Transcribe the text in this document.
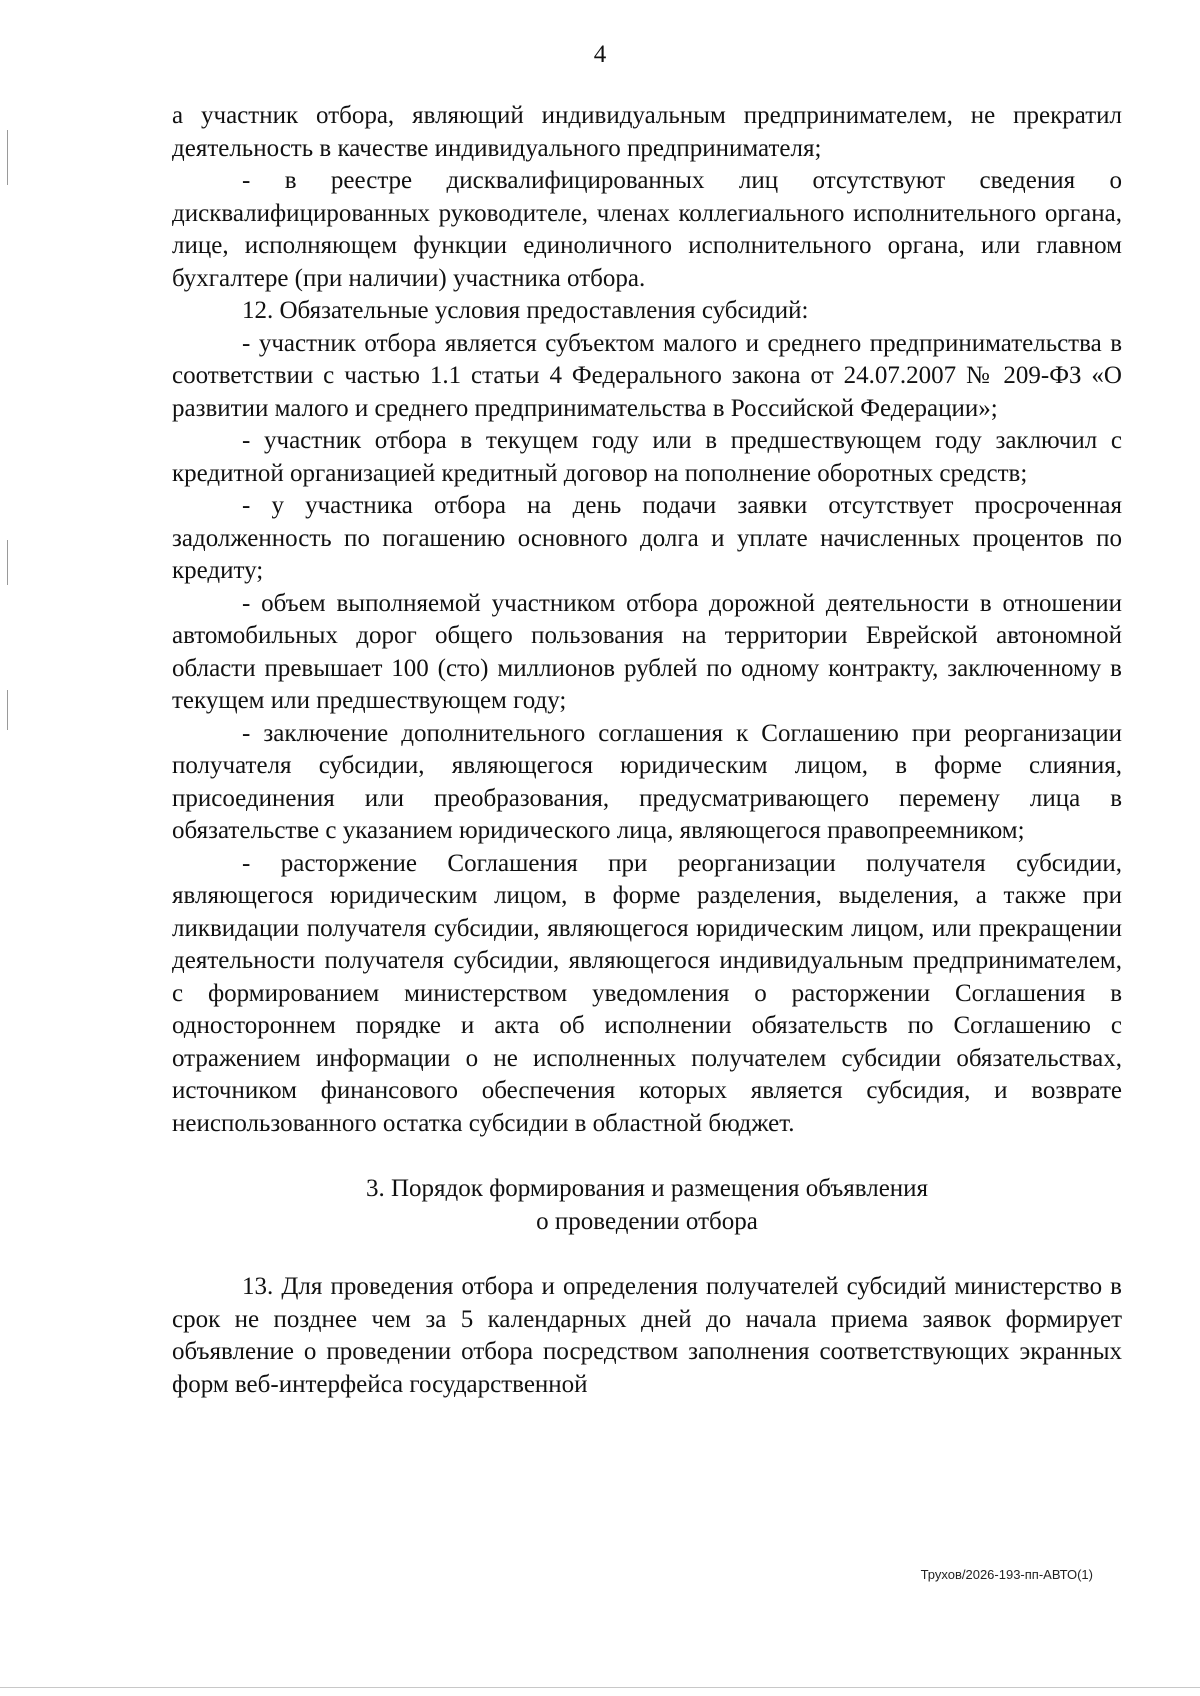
4

а участник отбора, являющий индивидуальным предпринимателем, не прекратил деятельность в качестве индивидуального предпринимателя;

- в реестре дисквалифицированных лиц отсутствуют сведения о дисквалифицированных руководителе, членах коллегиального исполнительного органа, лице, исполняющем функции единоличного исполнительного органа, или главном бухгалтере (при наличии) участника отбора.

12. Обязательные условия предоставления субсидий:

- участник отбора является субъектом малого и среднего предпринимательства в соответствии с частью 1.1 статьи 4 Федерального закона от 24.07.2007 № 209-ФЗ «О развитии малого и среднего предпринимательства в Российской Федерации»;

- участник отбора в текущем году или в предшествующем году заключил с кредитной организацией кредитный договор на пополнение оборотных средств;

- у участника отбора на день подачи заявки отсутствует просроченная задолженность по погашению основного долга и уплате начисленных процентов по кредиту;

- объем выполняемой участником отбора дорожной деятельности в отношении автомобильных дорог общего пользования на территории Еврейской автономной области превышает 100 (сто) миллионов рублей по одному контракту, заключенному в текущем или предшествующем году;

- заключение дополнительного соглашения к Соглашению при реорганизации получателя субсидии, являющегося юридическим лицом, в форме слияния, присоединения или преобразования, предусматривающего перемену лица в обязательстве с указанием юридического лица, являющегося правопреемником;

- расторжение Соглашения при реорганизации получателя субсидии, являющегося юридическим лицом, в форме разделения, выделения, а также при ликвидации получателя субсидии, являющегося юридическим лицом, или прекращении деятельности получателя субсидии, являющегося индивидуальным предпринимателем, с формированием министерством уведомления о расторжении Соглашения в одностороннем порядке и акта об исполнении обязательств по Соглашению с отражением информации о не исполненных получателем субсидии обязательствах, источником финансового обеспечения которых является субсидия, и возврате неиспользованного остатка субсидии в областной бюджет.

3. Порядок формирования и размещения объявления
о проведении отбора

13. Для проведения отбора и определения получателей субсидий министерство в срок не позднее чем за 5 календарных дней до начала приема заявок формирует объявление о проведении отбора посредством заполнения соответствующих экранных форм веб-интерфейса государственной

Трухов/2026-193-пп-АВТО(1)
